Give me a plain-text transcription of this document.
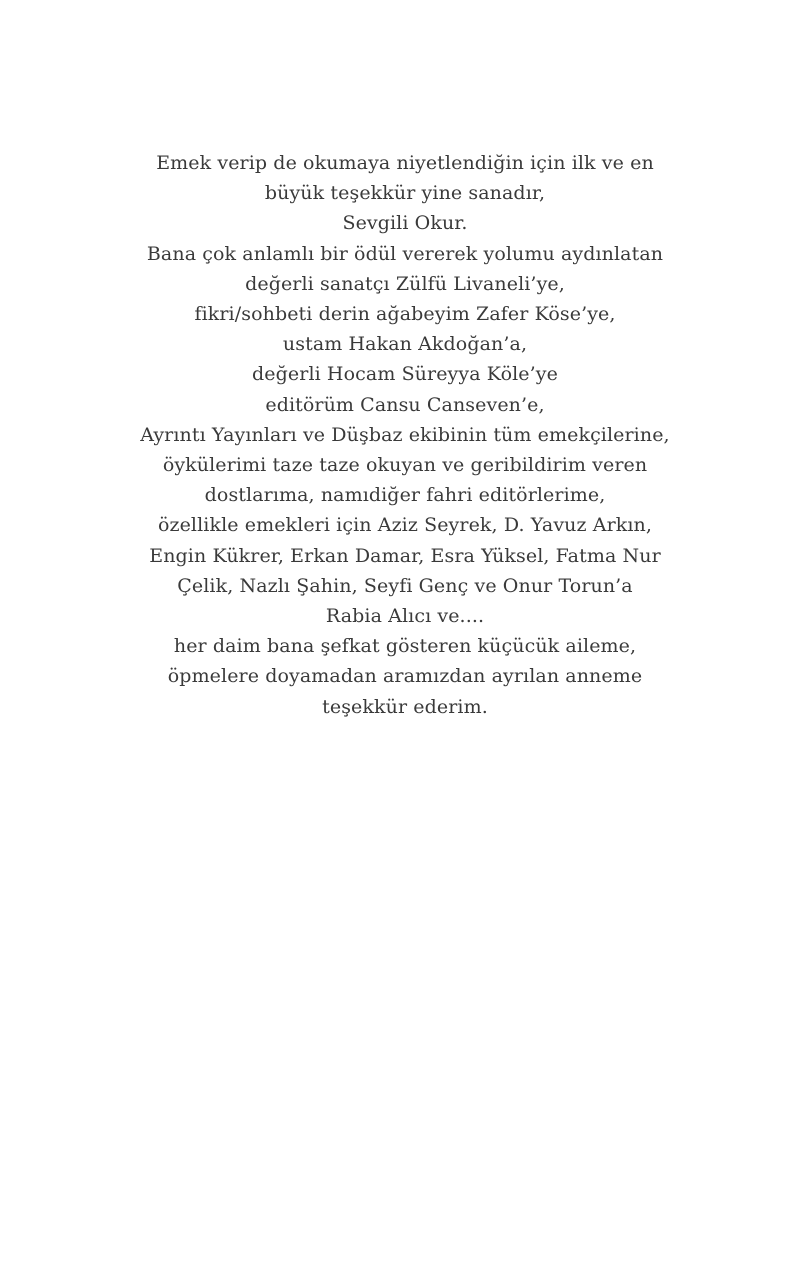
Emek verip de okumaya niyetlendiğin için ilk ve en
büyük teşekkür yine sanadır,
Sevgili Okur.
Bana çok anlamlı bir ödül vererek yolumu aydınlatan
değerli sanatçı Zülfü Livaneli’ye,
fikri/sohbeti derin ağabeyim Zafer Köse’ye,
ustam Hakan Akdoğan’a,
değerli Hocam Süreyya Köle’ye
editörüm Cansu Canseven’e,
Ayrıntı Yayınları ve Düşbaz ekibinin tüm emekçilerine,
öykülerimi taze taze okuyan ve geribildirim veren
dostlarıma, namıdiğer fahri editörlerime,
özellikle emekleri için Aziz Seyrek, D. Yavuz Arkın,
Engin Kükrer, Erkan Damar, Esra Yüksel, Fatma Nur
Çelik, Nazlı Şahin, Seyfi Genç ve Onur Torun’a
Rabia Alıcı ve....
her daim bana şefkat gösteren küçücük aileme,
öpmelere doyamadan aramızdan ayrılan anneme
teşekkür ederim.
